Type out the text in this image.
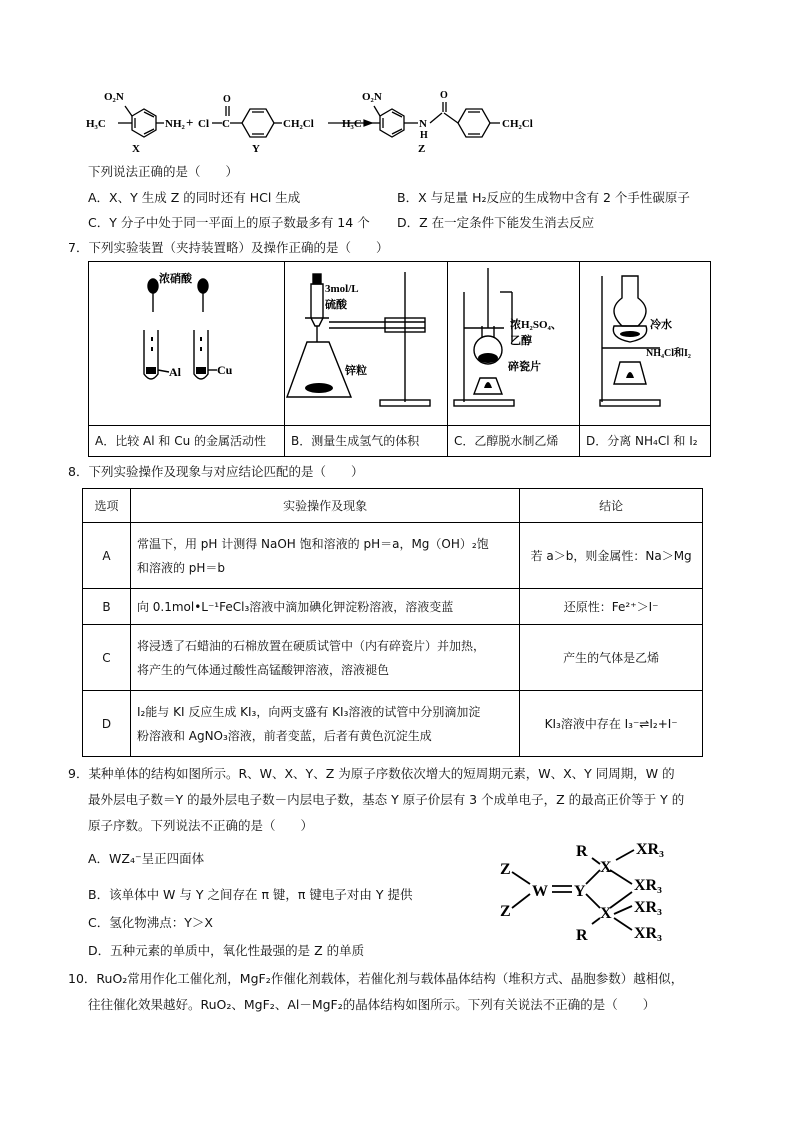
O₂N
H₃C	NH₂ +
X
Cl
O
C	CH₂Cl
Y
H₃C
O₂N
N
H
O
CH₂Cl
Z
下列说法正确的是（　　）
A．X、Y 生成 Z 的同时还有 HCl 生成	B．X 与足量 H₂反应的生成物中含有 2 个手性碳原子
C．Y 分子中处于同一平面上的原子数最多有 14 个 D．Z 在一定条件下能发生消去反应
7．下列实验装置（夹持装置略）及操作正确的是（　　）
浓硝酸
Al Cu	3mol/L
硫酸
锌粒	浓H₂SO₄、
乙醇
碎瓷片	冷水
NH₄Cl和I₂

A．比较 Al 和 Cu 的金属活动性	B．测量生成氢气的体积	C．乙醇脱水制乙烯	D．分离 NH₄Cl 和 I₂
8．下列实验操作及现象与对应结论匹配的是（　　）
选项	实验操作及现象	结论
A	常温下，用 pH 计测得 NaOH 饱和溶液的 pH＝a，Mg（OH）₂饱
和溶液的 pH＝b	若 a＞b，则金属性：Na＞Mg
B	向 0.1mol•L⁻¹FeCl₃溶液中滴加碘化钾淀粉溶液，溶液变蓝	还原性：Fe²⁺＞I⁻
C	将浸透了石蜡油的石棉放置在硬质试管中（内有碎瓷片）并加热，
将产生的气体通过酸性高锰酸钾溶液，溶液褪色	产生的气体是乙烯
D	I₂能与 KI 反应生成 KI₃，向两支盛有 KI₃溶液的试管中分别滴加淀
粉溶液和 AgNO₃溶液，前者变蓝，后者有黄色沉淀生成	KI₃溶液中存在 I₃⁻⇌I₂+I⁻
9．某种单体的结构如图所示。R、W、X、Y、Z 为原子序数依次增大的短周期元素，W、X、Y 同周期，W 的
最外层电子数＝Y 的最外层电子数－内层电子数，基态 Y 原子价层有 3 个成单电子，Z 的最高正价等于 Y 的
原子序数。下列说法不正确的是（　　）
A．WZ₄⁻呈正四面体
B．该单体中 W 与 Y 之间存在 π 键，π 键电子对由 Y 提供
C．氢化物沸点：Y＞X
D．五种元素的单质中，氧化性最强的是 Z 的单质
Z
Z
W Y
X
X
R
R
XR₃
XR₃
XR₃
XR₃
10．RuO₂常用作化工催化剂，MgF₂作催化剂载体，若催化剂与载体晶体结构（堆积方式、晶胞参数）越相似，
往往催化效果越好。RuO₂、MgF₂、Al－MgF₂的晶体结构如图所示。下列有关说法不正确的是（　　）
